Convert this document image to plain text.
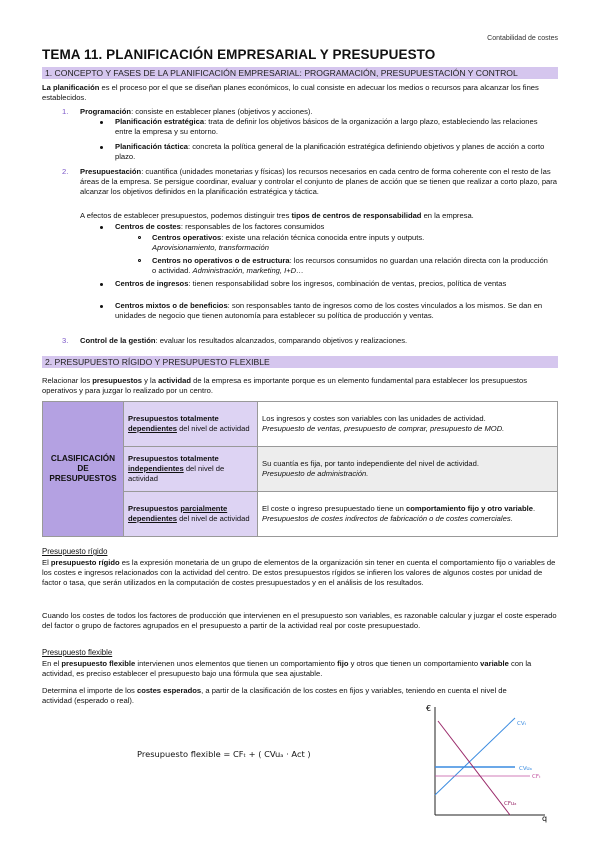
Contabilidad de costes
TEMA 11. PLANIFICACIÓN EMPRESARIAL Y PRESUPUESTO
1. CONCEPTO Y FASES DE LA PLANIFICACIÓN EMPRESARIAL: PROGRAMACIÓN, PRESUPUESTACIÓN Y CONTROL

La planificación es el proceso por el que se diseñan planes económicos, lo cual consiste en adecuar los medios o recursos para alcanzar los fines establecidos.

1. Programación: consiste en establecer planes (objetivos y acciones).
Planificación estratégica: trata de definir los objetivos básicos de la organización a largo plazo, estableciendo las relaciones entre la empresa y su entorno.
Planificación táctica: concreta la política general de la planificación estratégica definiendo objetivos y planes de acción a corto plazo.
2. Presupuestación: cuantifica (unidades monetarias y físicas) los recursos necesarios en cada centro de forma coherente con el resto de las áreas de la empresa. Se persigue coordinar, evaluar y controlar el conjunto de planes de acción que se tienen que realizar a corto plazo, para alcanzar los objetivos definidos en la planificación estratégica y táctica.
A efectos de establecer presupuestos, podemos distinguir tres tipos de centros de responsabilidad en la empresa.
Centros de costes: responsables de los factores consumidos
Centros operativos: existe una relación técnica conocida entre inputs y outputs.
Aprovisionamiento, transformación
Centros no operativos o de estructura: los recursos consumidos no guardan una relación directa con la producción o actividad. Administración, marketing, I+D…
Centros de ingresos: tienen responsabilidad sobre los ingresos, combinación de ventas, precios, política de ventas
Centros mixtos o de beneficios: son responsables tanto de ingresos como de los costes vinculados a los mismos. Se dan en unidades de negocio que tienen autonomía para establecer su política de producción y ventas.
3. Control de la gestión: evaluar los resultados alcanzados, comparando objetivos y realizaciones.
2. PRESUPUESTO RÍGIDO Y PRESUPUESTO FLEXIBLE

Relacionar los presupuestos y la actividad de la empresa es importante porque es un elemento fundamental para establecer los presupuestos operativos y para juzgar lo realizado por un centro.

CLASIFICACIÓN DE PRESUPUESTOS	Presupuestos totalmente dependientes del nivel de actividad	Los ingresos y costes son variables con las unidades de actividad.
Presupuesto de ventas, presupuesto de comprar, presupuesto de MOD.
	Presupuestos totalmente independientes del nivel de actividad	Su cuantía es fija, por tanto independiente del nivel de actividad.
Presupuesto de administración.
	Presupuestos parcialmente dependientes del nivel de actividad	El coste o ingreso presupuestado tiene un comportamiento fijo y otro variable. Presupuestos de costes indirectos de fabricación o de costes comerciales.
Presupuesto rígido

El presupuesto rígido es la expresión monetaria de un grupo de elementos de la organización sin tener en cuenta el comportamiento fijo o variables de los costes e ingresos relacionados con la actividad del centro. De estos presupuestos rígidos se infieren los valores de algunos costes por unidad de factor o tasa, que serán utilizados en la computación de costes presupuestados y en el análisis de los resultados.

Cuando los costes de todos los factores de producción que intervienen en el presupuesto son variables, es razonable calcular y juzgar el coste esperado del factor o grupo de factores agrupados en el presupuesto a partir de la actividad real por coste presupuestado.
Presupuesto flexible

En el presupuesto flexible intervienen unos elementos que tienen un comportamiento fijo y otros que tienen un comportamiento variable con la actividad, es preciso establecer el presupuesto bajo una fórmula que sea ajustable.

Determina el importe de los costes esperados, a partir de la clasificación de los costes en fijos y variables, teniendo en cuenta el nivel de actividad (esperado o real).

Presupuesto flexible = CFₜ + ( CVuₐ · Act )
€
q
CVₜ
CVuₐ
CFₜ
CFuₐ
